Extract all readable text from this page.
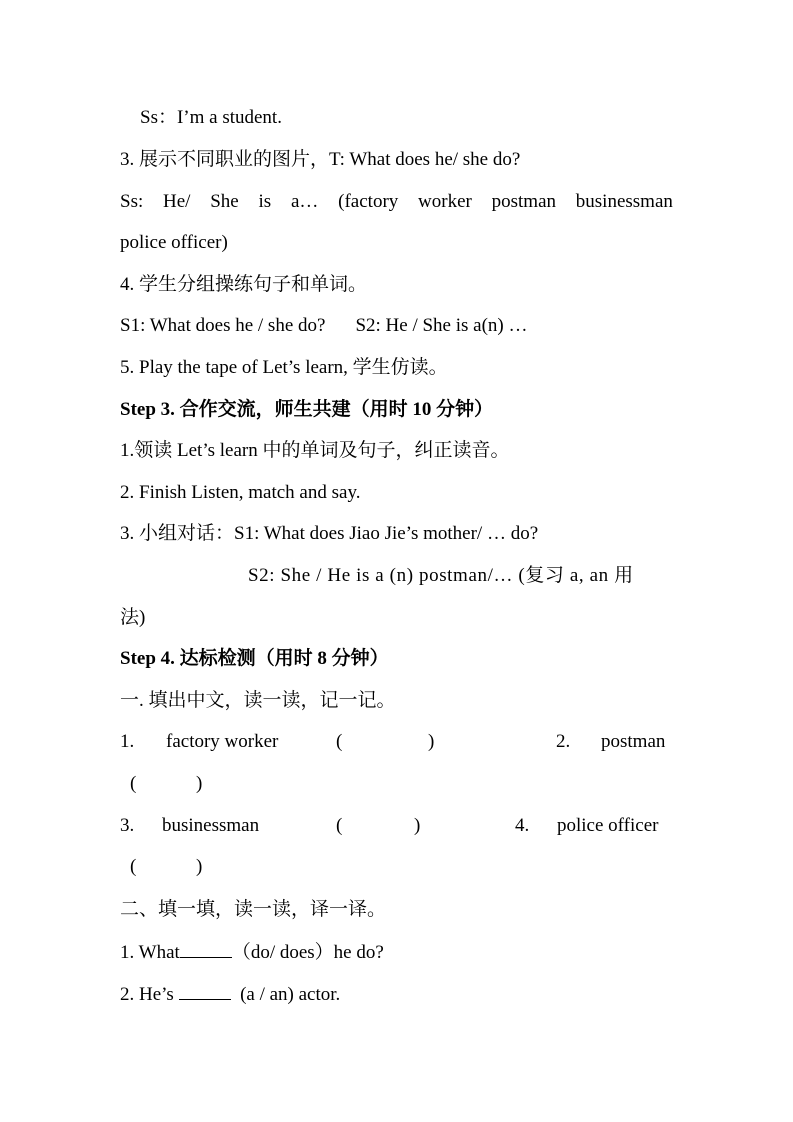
Ss：I’m a student.
3. 展示不同职业的图片，T: What does he/ she do?
Ss: He/ She is a… (factory worker postman businessman
police officer)
4. 学生分组操练句子和单词。
S1: What does he / she do? S2: He / She is a(n) …
5. Play the tape of Let’s learn, 学生仿读。
Step 3. 合作交流，师生共建（用时 10 分钟）
1.领读 Let’s learn 中的单词及句子，纠正读音。
2. Finish Listen, match and say.
3. 小组对话：S1: What does Jiao Jie’s mother/ … do?
S2: She / He is a (n) postman/… (复习 a, an 用
法)
Step 4. 达标检测（用时 8 分钟）
一. 填出中文，读一读，记一记。
1. factory worker	(	)	2. postman
(	)
3. businessman	(	)	4. police officer
(	)
二、填一填，读一读，译一译。
1. What	（do/ does）he do?
2. He’s	(a / an) actor.
